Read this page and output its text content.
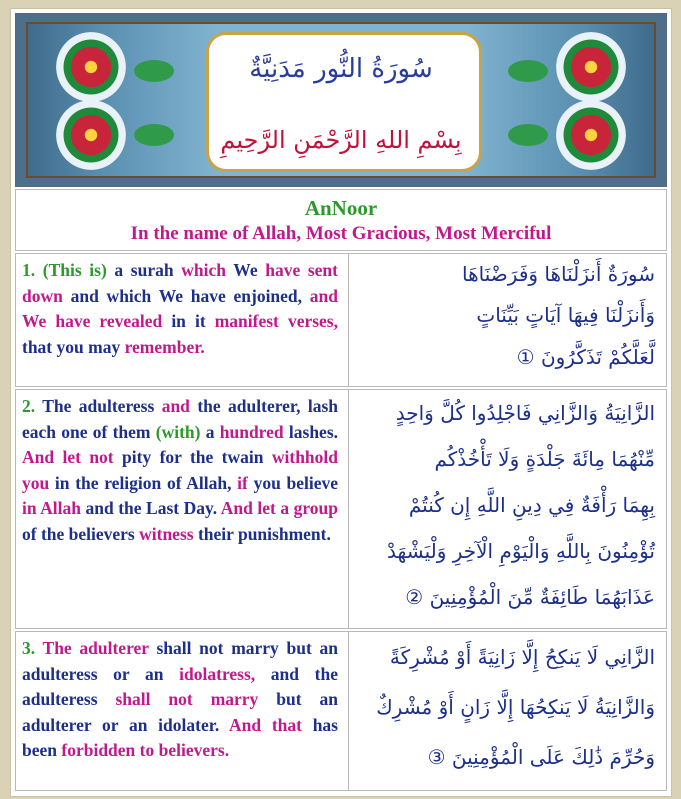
سُورَةُ النُّور مَدَنِيَّةٌ
بِسْمِ اللهِ الرَّحْمَنِ الرَّحِيمِ
AnNoor
In the name of Allah, Most Gracious, Most Merciful
1. (This is) a surah which We have sent down and which We have enjoined, and We have revealed in it manifest verses, that you may remember.
سُورَةٌ أَنزَلْنَاهَا وَفَرَضْنَاهَا
وَأَنزَلْنَا فِيهَا آيَاتٍ بَيِّنَاتٍ
لَّعَلَّكُمْ تَذَكَّرُونَ ①
2. The adulteress and the adulterer, lash each one of them (with) a hundred lashes. And let not pity for the twain withhold you in the religion of Allah, if you believe in Allah and the Last Day. And let a group of the believers witness their punishment.
الزَّانِيَةُ وَالزَّانِي فَاجْلِدُوا كُلَّ وَاحِدٍ
مِّنْهُمَا مِائَةَ جَلْدَةٍ وَلَا تَأْخُذْكُم
بِهِمَا رَأْفَةٌ فِي دِينِ اللَّهِ إِن كُنتُمْ
تُؤْمِنُونَ بِاللَّهِ وَالْيَوْمِ الْآخِرِ وَلْيَشْهَدْ
عَذَابَهُمَا طَائِفَةٌ مِّنَ الْمُؤْمِنِينَ ②
3. The adulterer shall not marry but an adulteress or an idolatress, and the adulteress shall not marry but an adulterer or an idolater. And that has been forbidden to believers.
الزَّانِي لَا يَنكِحُ إِلَّا زَانِيَةً أَوْ مُشْرِكَةً
وَالزَّانِيَةُ لَا يَنكِحُهَا إِلَّا زَانٍ أَوْ مُشْرِكٌ
وَحُرِّمَ ذَٰلِكَ عَلَى الْمُؤْمِنِينَ ③
